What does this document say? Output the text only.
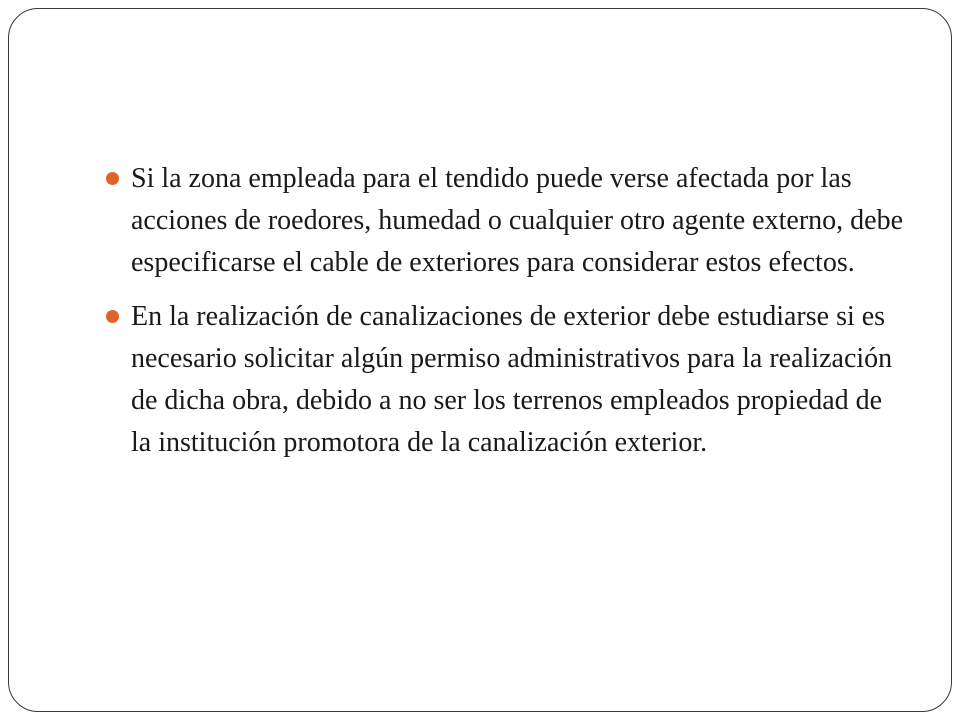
Si la zona empleada para el tendido puede verse afectada por las acciones de roedores, humedad o cualquier otro agente externo, debe especificarse el cable de exteriores para considerar estos efectos.
En la realización de canalizaciones de exterior debe estudiarse si es necesario solicitar algún permiso administrativos para la realización de dicha obra, debido a no ser los terrenos empleados propiedad de la institución promotora de la canalización exterior.
